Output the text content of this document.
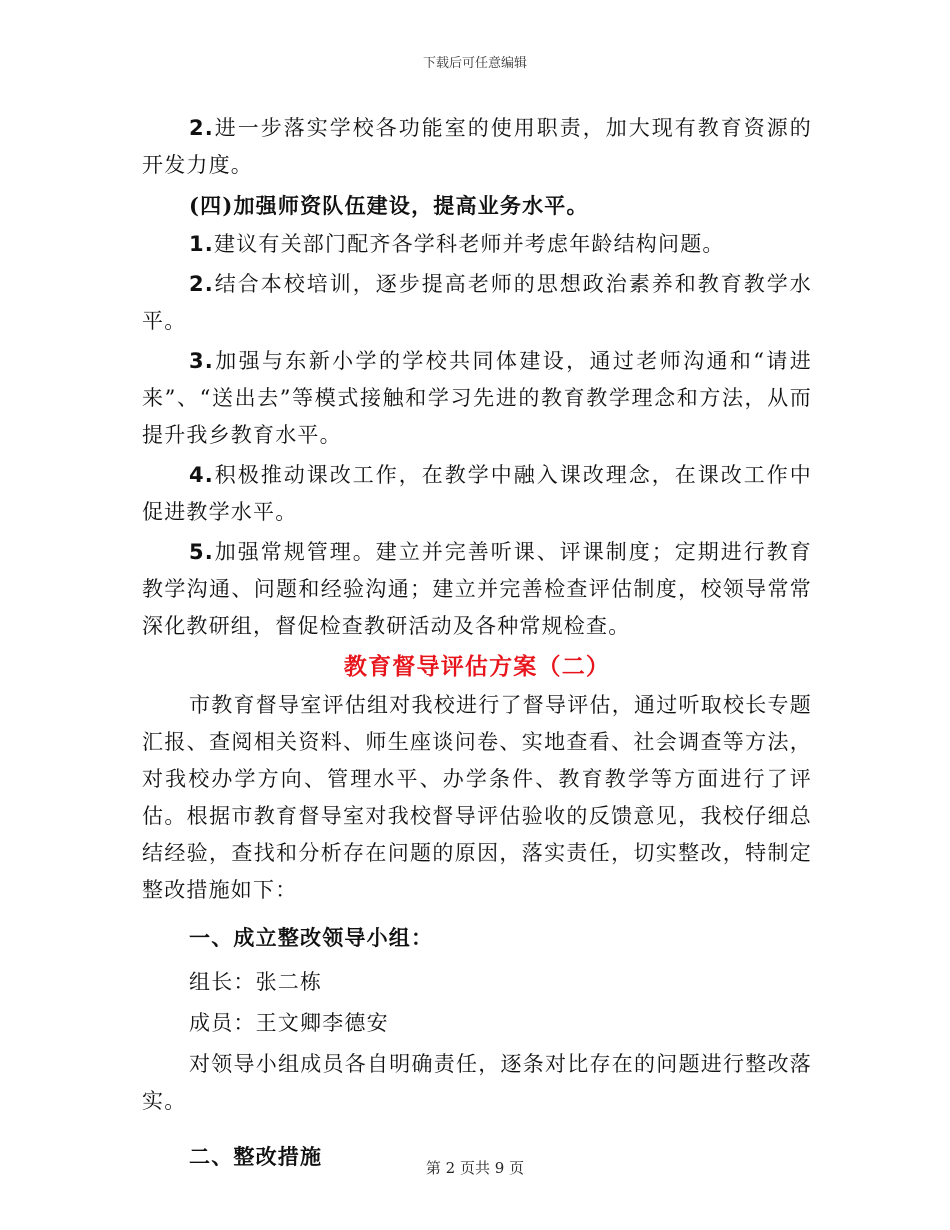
下载后可任意编辑

2.进一步落实学校各功能室的使用职责，加大现有教育资源的开发力度。

(四)加强师资队伍建设，提高业务水平。

1.建议有关部门配齐各学科老师并考虑年龄结构问题。

2.结合本校培训，逐步提高老师的思想政治素养和教育教学水平。

3.加强与东新小学的学校共同体建设，通过老师沟通和“请进来”、“送出去”等模式接触和学习先进的教育教学理念和方法，从而提升我乡教育水平。

4.积极推动课改工作，在教学中融入课改理念，在课改工作中促进教学水平。

5.加强常规管理。建立并完善听课、评课制度；定期进行教育教学沟通、问题和经验沟通；建立并完善检查评估制度，校领导常常深化教研组，督促检查教研活动及各种常规检查。

教育督导评估方案（二）

市教育督导室评估组对我校进行了督导评估，通过听取校长专题汇报、查阅相关资料、师生座谈问卷、实地查看、社会调查等方法，对我校办学方向、管理水平、办学条件、教育教学等方面进行了评估。根据市教育督导室对我校督导评估验收的反馈意见，我校仔细总结经验，查找和分析存在问题的原因，落实责任，切实整改，特制定整改措施如下：

一、成立整改领导小组：

组长：张二栋

成员：王文卿李德安

对领导小组成员各自明确责任，逐条对比存在的问题进行整改落实。

二、整改措施	第 2 页共 9 页
